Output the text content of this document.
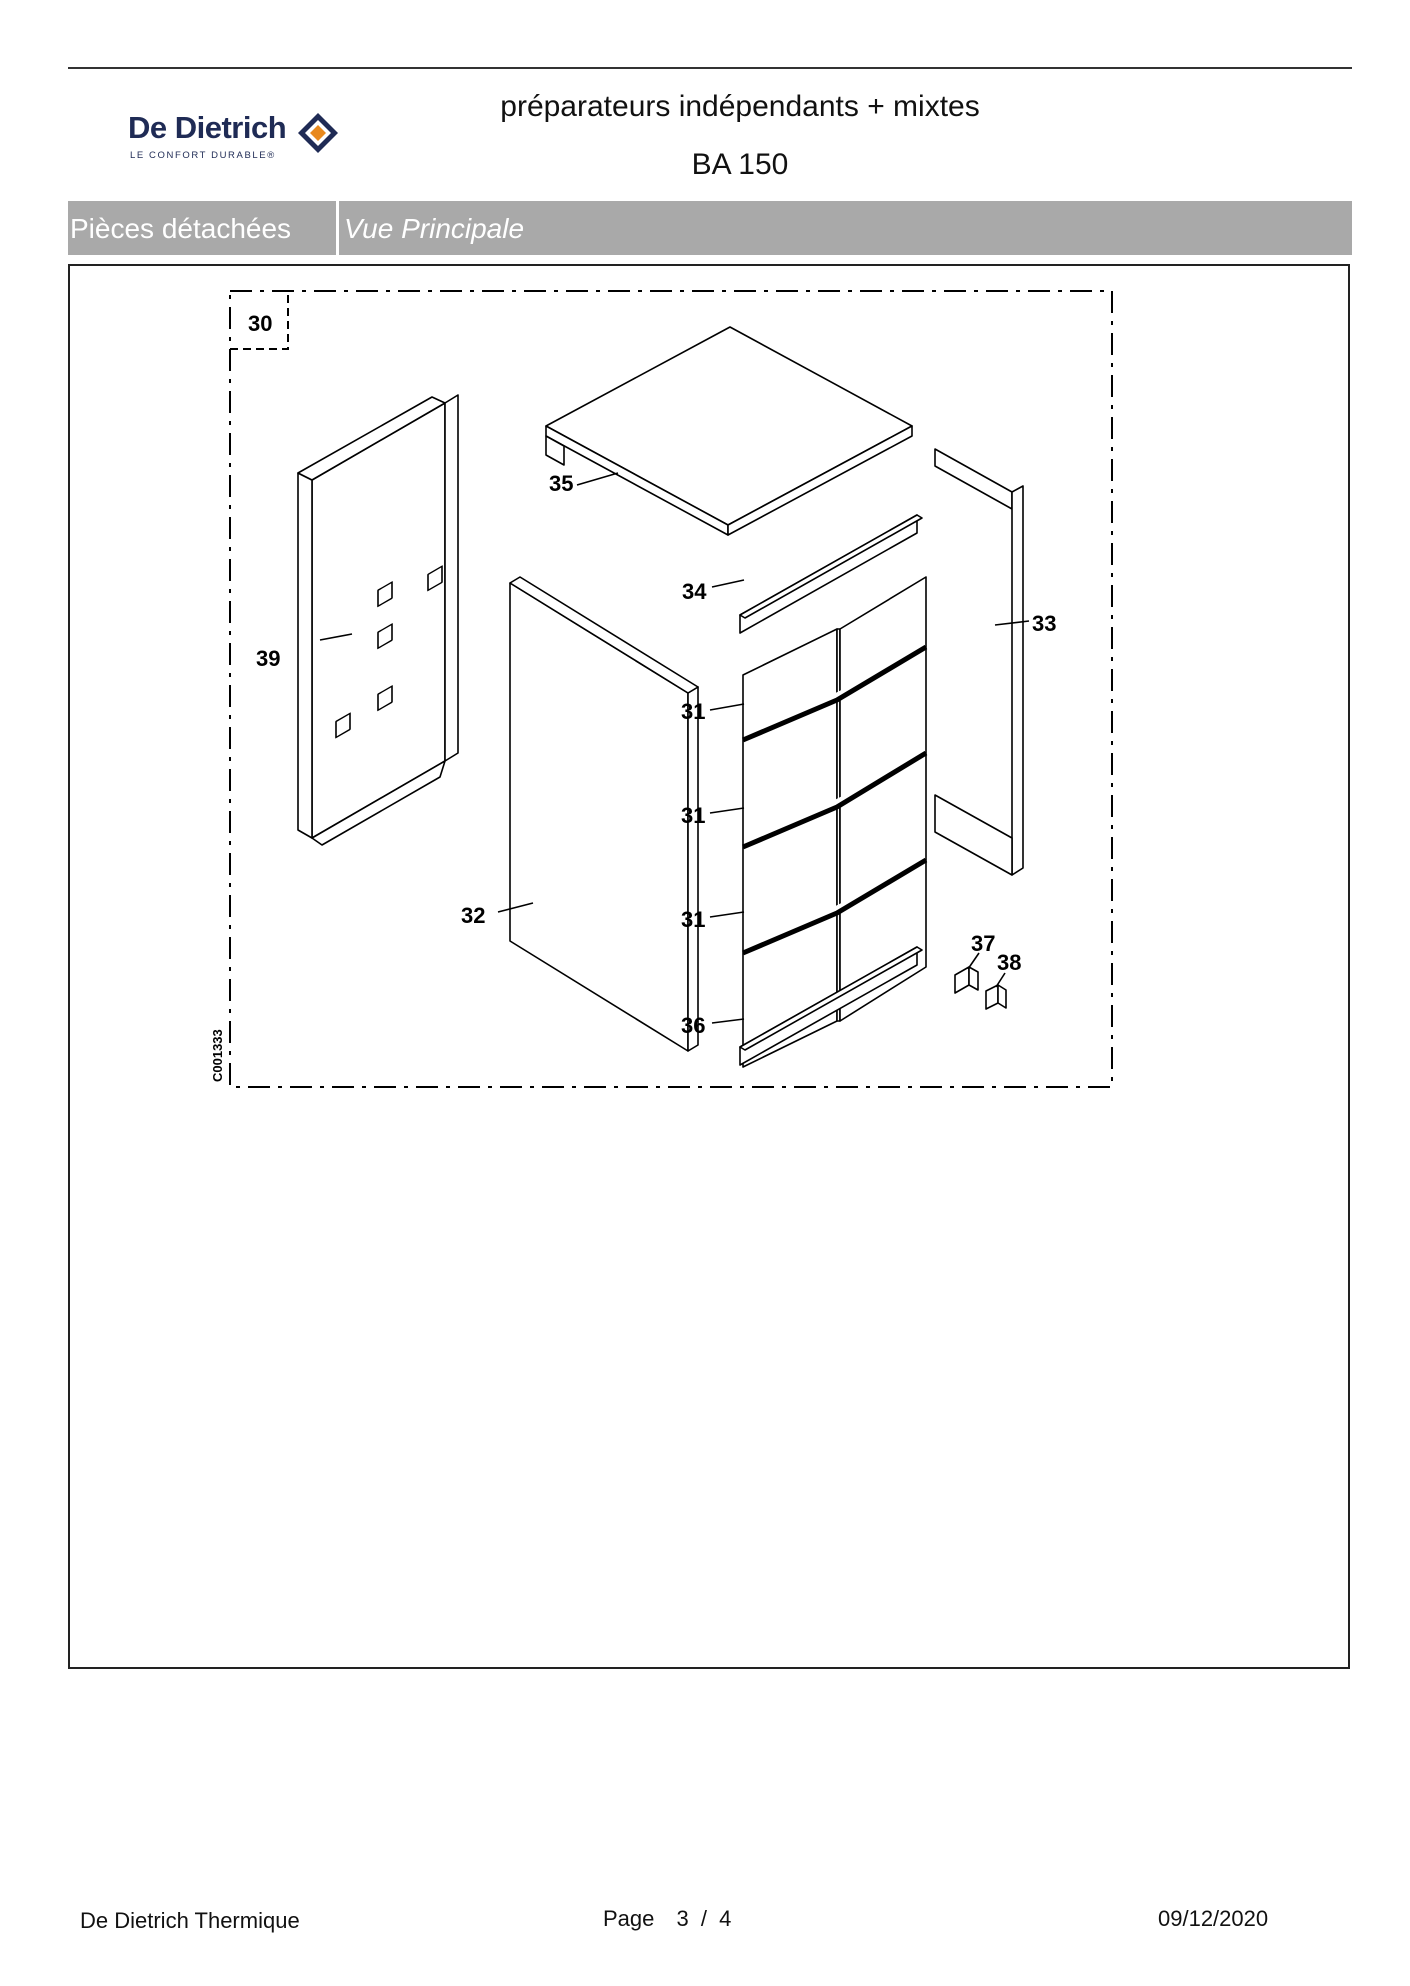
De Dietrich
LE CONFORT DURABLE®
préparateurs indépendants + mixtes
BA 150
Pièces détachées Vue Principale
30
39
35
34
33
31
31
31
32
36
37
38
C001333
De Dietrich Thermique	Page 3 / 4	09/12/2020
